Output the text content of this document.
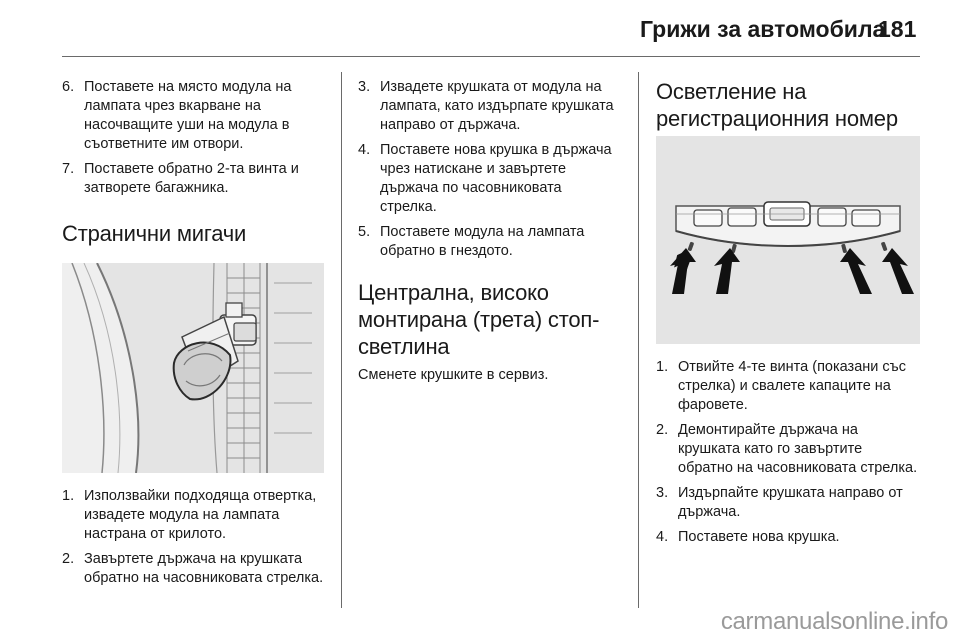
Грижи за автомобила
181
6. Поставете на място модула на лампата чрез вкарване на насочващите уши на модула в съответните им отвори.
7. Поставете обратно 2-та винта и затворете багажника.
Странични мигачи
1. Използвайки подходяща отвертка, извадете модула на лампата настрана от крилото.
2. Завъртете държача на крушката обратно на часовниковата стрелка.
3. Извадете крушката от модула на лампата, като издърпате крушката направо от държача.
4. Поставете нова крушка в държача чрез натискане и завъртете държача по часовниковата стрелка.
5. Поставете модула на лампата обратно в гнездото.
Централна, високо монтирана (трета) стоп-светлина

Сменете крушките в сервиз.

Осветление на регистрационния номер
1. Отвийте 4-те винта (показани със стрелка) и свалете капаците на фаровете.
2. Демонтирайте държача на крушката като го завъртите обратно на часовниковата стрелка.
3. Издърпайте крушката направо от държача.
4. Поставете нова крушка.
carmanualsonline.info
